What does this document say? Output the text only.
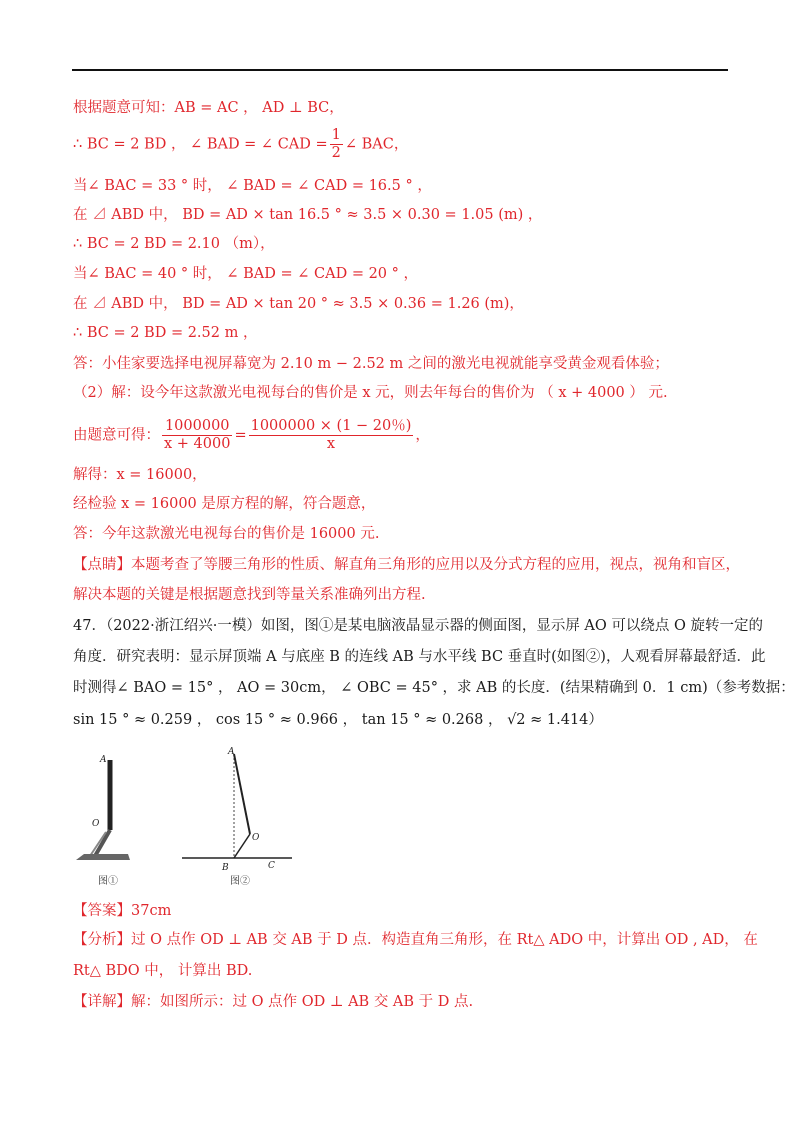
根据题意可知：AB = AC ， AD ⊥ BC，
∴ BC = 2 BD ， ∠ BAD = ∠ CAD = $\frac{1}{2}$ ∠ BAC，
当∠ BAC = 33 ° 时， ∠ BAD = ∠ CAD = 16.5 ° ，
在 ⊿ ABD 中， BD = AD × tan 16.5 ° ≈ 3.5 × 0.30 = 1.05 (m) ，
∴ BC = 2 BD = 2.10 （m），
当∠ BAC = 40 ° 时， ∠ BAD = ∠ CAD = 20 ° ，
在 ⊿ ABD 中， BD = AD × tan 20 ° ≈ 3.5 × 0.36 = 1.26 (m)，
∴ BC = 2 BD = 2.52 m ，
答：小佳家要选择电视屏幕宽为 2.10 m − 2.52 m 之间的激光电视就能享受黄金观看体验；
（2）解：设今年这款激光电视每台的售价是 x 元，则去年每台的售价为 （ x + 4000 ） 元.
由题意可得： $\frac{1000000}{x + 4000} = \frac{1000000 \times (1 - 20\%)}{x}$ ，
解得：x = 16000，
经检验 x = 16000 是原方程的解，符合题意，
答：今年这款激光电视每台的售价是 16000 元.
【点睛】本题考查了等腰三角形的性质、解直角三角形的应用以及分式方程的应用，视点，视角和盲区，
解决本题的关键是根据题意找到等量关系准确列出方程.
47．（2022·浙江绍兴·一模）如图，图①是某电脑液晶显示器的侧面图，显示屏 AO 可以绕点 O 旋转一定的
角度．研究表明：显示屏顶端 A 与底座 B 的连线 AB 与水平线 BC 垂直时(如图②)，人观看屏幕最舒适．此
时测得∠ BAO = 15° ， AO = 30cm， ∠ OBC = 45° ，求 AB 的长度．(结果精确到 0．1 cm)（参考数据：
sin 15 ° ≈ 0.259 ， cos 15 ° ≈ 0.966 ， tan 15 ° ≈ 0.268 ， √2 ≈ 1.414）
A
O
图①
A
O
B	C
图②
【答案】37cm
【分析】过 O 点作 OD ⊥ AB 交 AB 于 D 点．构造直角三角形，在 Rt△ ADO 中，计算出 OD , AD， 在
Rt△ BDO 中， 计算出 BD.
【详解】解：如图所示：过 O 点作 OD ⊥ AB 交 AB 于 D 点.
